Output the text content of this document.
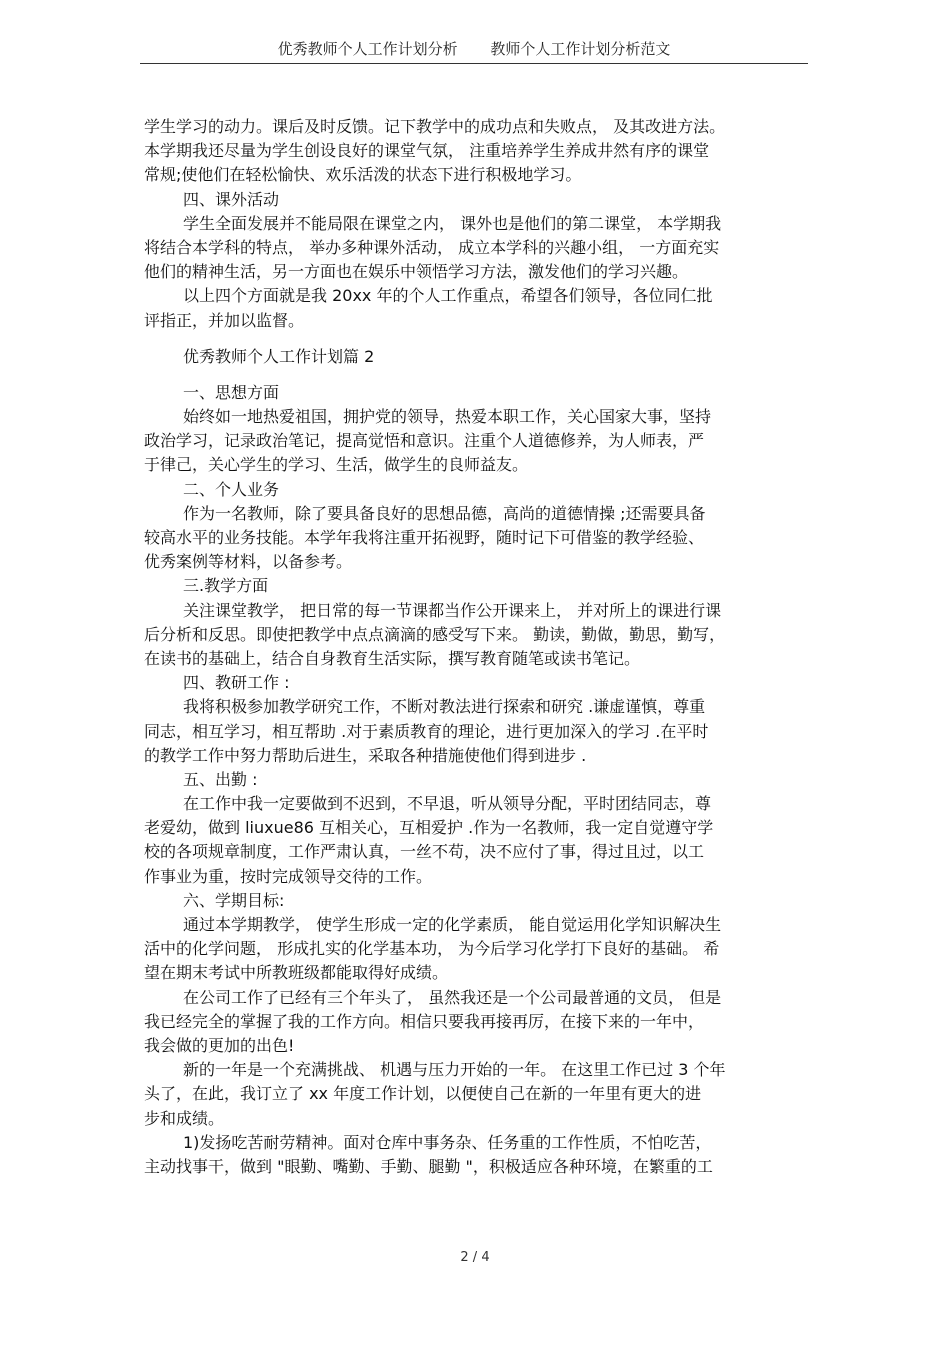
优秀教师个人工作计划分析 教师个人工作计划分析范文
学生学习的动力。课后及时反馈。记下教学中的成功点和失败点， 及其改进方法。
本学期我还尽量为学生创设良好的课堂气氛， 注重培养学生养成井然有序的课堂
常规;使他们在轻松愉快、欢乐活泼的状态下进行积极地学习。
四、课外活动
学生全面发展并不能局限在课堂之内， 课外也是他们的第二课堂， 本学期我
将结合本学科的特点， 举办多种课外活动， 成立本学科的兴趣小组， 一方面充实
他们的精神生活，另一方面也在娱乐中领悟学习方法，激发他们的学习兴趣。
以上四个方面就是我 20xx 年的个人工作重点，希望各们领导，各位同仁批
评指正，并加以监督。
优秀教师个人工作计划篇 2
一、思想方面
始终如一地热爱祖国，拥护党的领导，热爱本职工作，关心国家大事，坚持
政治学习，记录政治笔记，提高觉悟和意识。注重个人道德修养，为人师表，严
于律己，关心学生的学习、生活，做学生的良师益友。
二、个人业务
作为一名教师，除了要具备良好的思想品德，高尚的道德情操 ;还需要具备
较高水平的业务技能。本学年我将注重开拓视野，随时记下可借鉴的教学经验、
优秀案例等材料，以备参考。
三.教学方面
关注课堂教学， 把日常的每一节课都当作公开课来上， 并对所上的课进行课
后分析和反思。即使把教学中点点滴滴的感受写下来。 勤读，勤做，勤思，勤写，
在读书的基础上，结合自身教育生活实际，撰写教育随笔或读书笔记。
四、教研工作 :
我将积极参加教学研究工作，不断对教法进行探索和研究 .谦虚谨慎，尊重
同志，相互学习，相互帮助 .对于素质教育的理论，进行更加深入的学习 .在平时
的教学工作中努力帮助后进生，采取各种措施使他们得到进步 .
五、出勤 :
在工作中我一定要做到不迟到，不早退，听从领导分配，平时团结同志，尊
老爱幼，做到 liuxue86 互相关心，互相爱护 .作为一名教师，我一定自觉遵守学
校的各项规章制度，工作严肃认真，一丝不苟，决不应付了事，得过且过，以工
作事业为重，按时完成领导交待的工作。
六、学期目标:
通过本学期教学， 使学生形成一定的化学素质， 能自觉运用化学知识解决生
活中的化学问题， 形成扎实的化学基本功， 为今后学习化学打下良好的基础。 希
望在期末考试中所教班级都能取得好成绩。
在公司工作了已经有三个年头了， 虽然我还是一个公司最普通的文员， 但是
我已经完全的掌握了我的工作方向。相信只要我再接再厉，在接下来的一年中，
我会做的更加的出色!
新的一年是一个充满挑战、 机遇与压力开始的一年。 在这里工作已过 3 个年
头了，在此，我订立了 xx 年度工作计划，以便使自己在新的一年里有更大的进
步和成绩。
1)发扬吃苦耐劳精神。面对仓库中事务杂、任务重的工作性质，不怕吃苦，
主动找事干，做到 "眼勤、嘴勤、手勤、腿勤 "，积极适应各种环境，在繁重的工
2 / 4
